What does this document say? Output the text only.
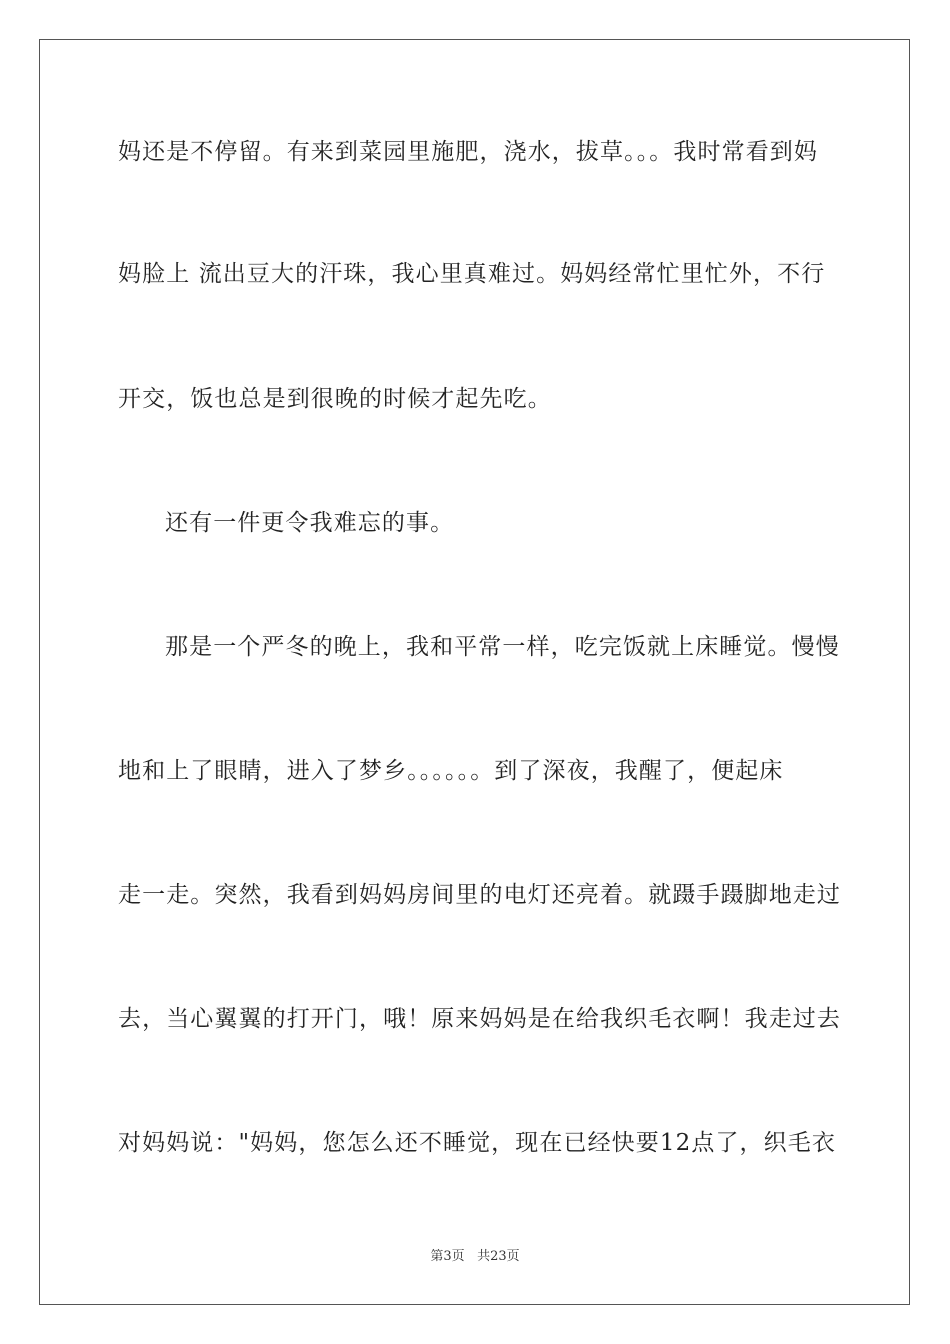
妈还是不停留。有来到菜园里施肥，浇水，拔草。。。我时常看到妈
妈脸上 流出豆大的汗珠，我心里真难过。妈妈经常忙里忙外，不行
开交，饭也总是到很晚的时候才起先吃。
还有一件更令我难忘的事。
那是一个严冬的晚上，我和平常一样，吃完饭就上床睡觉。慢慢
地和上了眼睛，进入了梦乡。。。。。。到了深夜，我醒了，便起床
走一走。突然，我看到妈妈房间里的电灯还亮着。就蹑手蹑脚地走过
去，当心翼翼的打开门，哦！原来妈妈是在给我织毛衣啊！我走过去
对妈妈说："妈妈，您怎么还不睡觉，现在已经快要12点了，织毛衣
第3页 共23页
